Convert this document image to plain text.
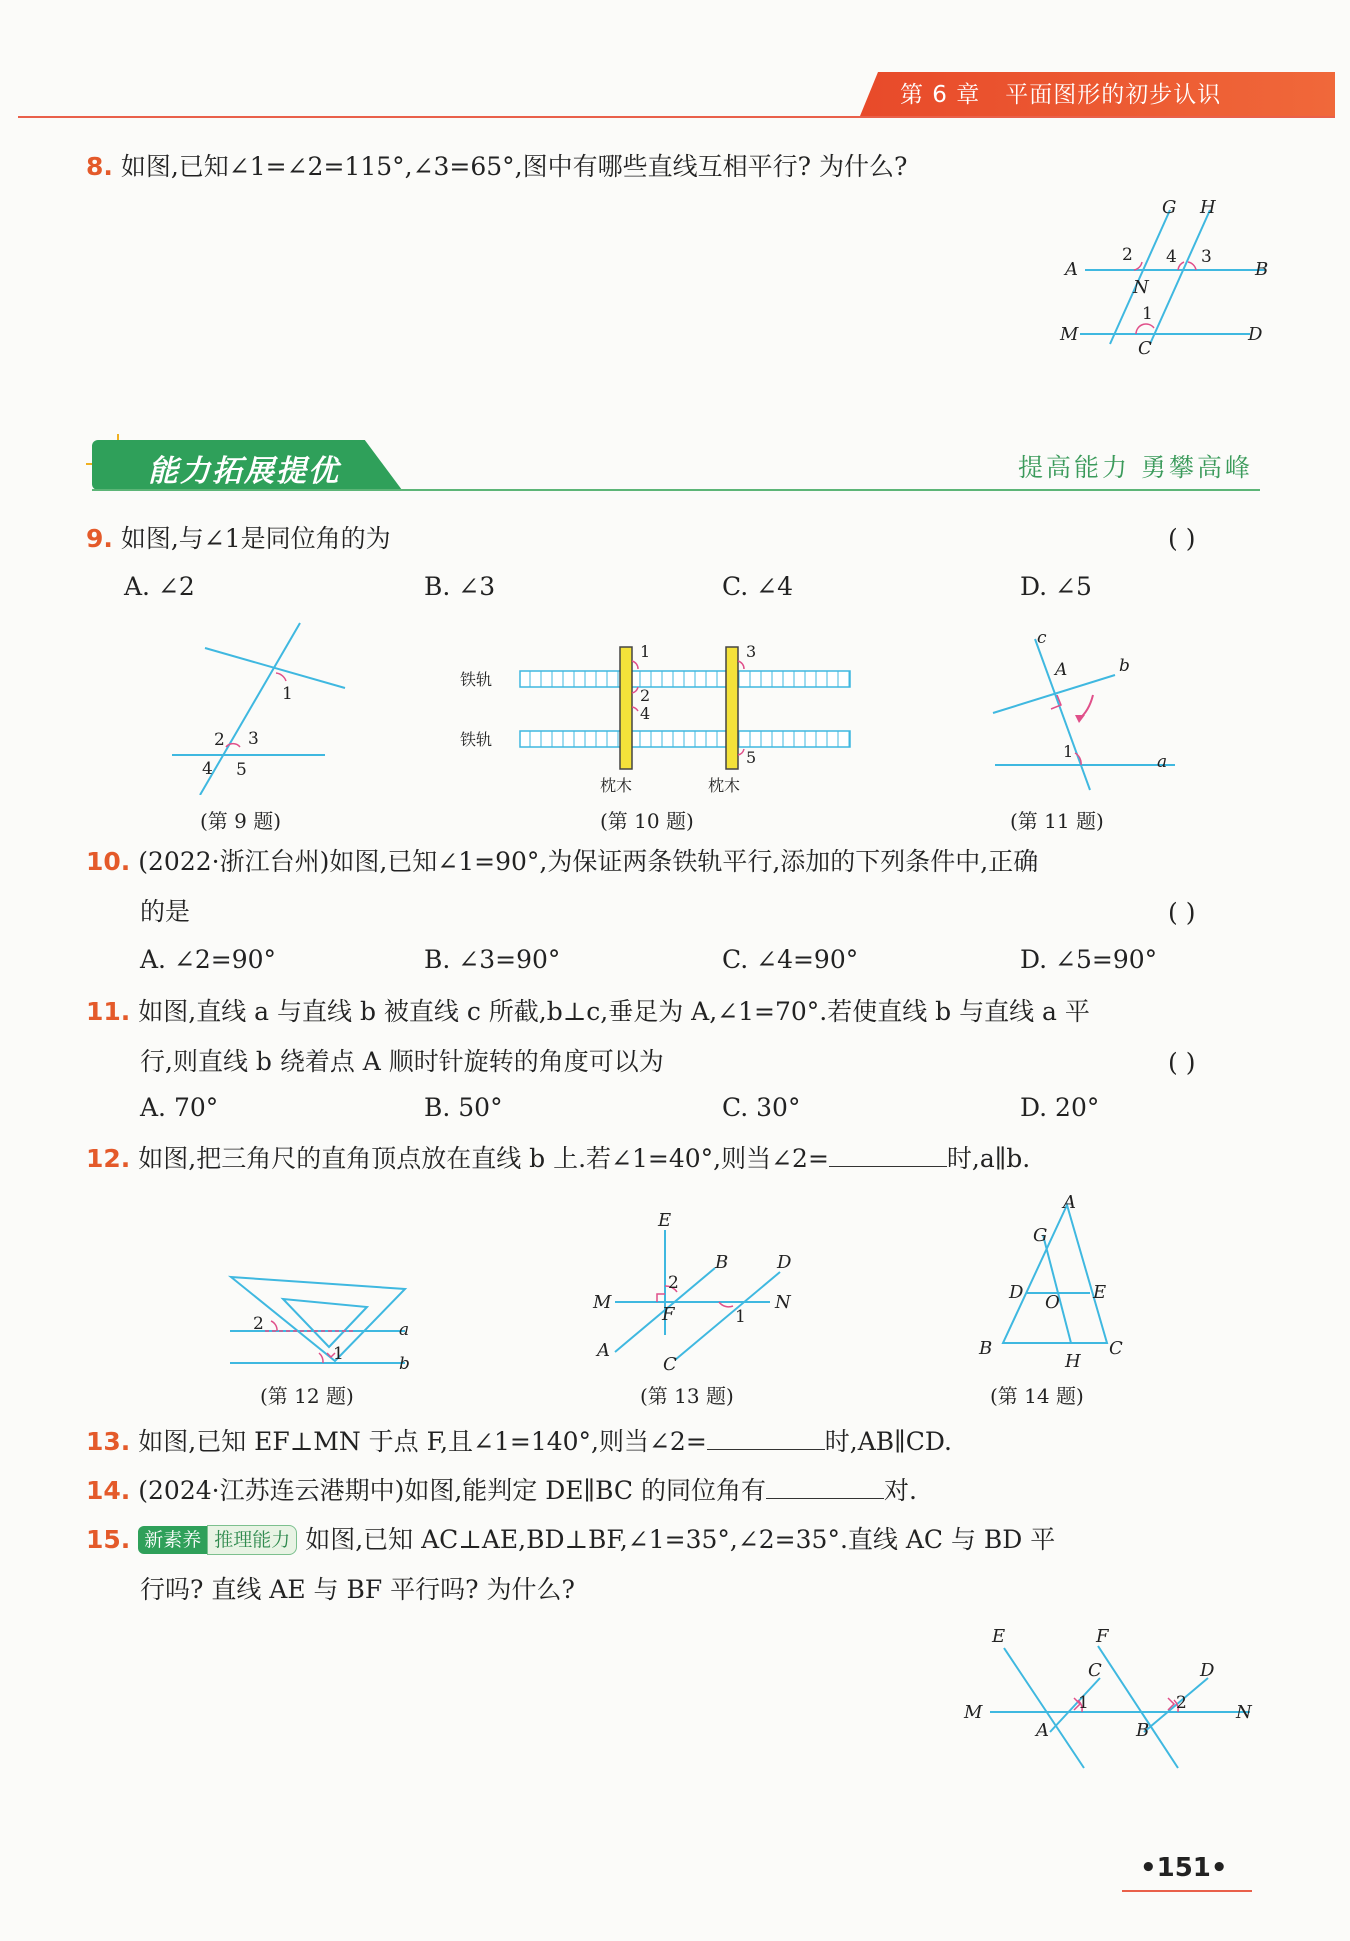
第 6 章 平面图形的初步认识
8. 如图,已知∠1=∠2=115°,∠3=65°,图中有哪些直线互相平行? 为什么?
G H
A	B
N
M	D
C
2 4 3
1
能力拓展提优	提高能力 勇攀高峰
9. 如图,与∠1是同位角的为	( )
A. ∠2	B. ∠3	C. ∠4	D. ∠5
1
2 3
4 5
(第 9 题)
铁轨
铁轨
枕木	枕木
1
2
4
3
5
(第 10 题)
c
b
A
a
1
(第 11 题)
10. (2022·浙江台州)如图,已知∠1=90°,为保证两条铁轨平行,添加的下列条件中,正确
的是	( )
A. ∠2=90°	B. ∠3=90°	C. ∠4=90°	D. ∠5=90°
11. 如图,直线 a 与直线 b 被直线 c 所截,b⊥c,垂足为 A,∠1=70°.若使直线 b 与直线 a 平
行,则直线 b 绕着点 A 顺时针旋转的角度可以为	( )
A. 70°	B. 50°	C. 30°	D. 20°
12. 如图,把三角尺的直角顶点放在直线 b 上.若∠1=40°,则当∠2=	时,a∥b.
2
1
a
b
(第 12 题)
E
B	D
M	N
F
A
C
2
1
(第 13 题)
A
G
D	E
O
B	C
H
(第 14 题)
13. 如图,已知 EF⊥MN 于点 F,且∠1=140°,则当∠2=	时,AB∥CD.
14. (2024·江苏连云港期中)如图,能判定 DE∥BC 的同位角有	对.
15. 新素养 推理能力 如图,已知 AC⊥AE,BD⊥BF,∠1=35°,∠2=35°.直线 AC 与 BD 平
行吗? 直线 AE 与 BF 平行吗? 为什么?
E	F
C	D
M	N
A	B
1	2
•151•
